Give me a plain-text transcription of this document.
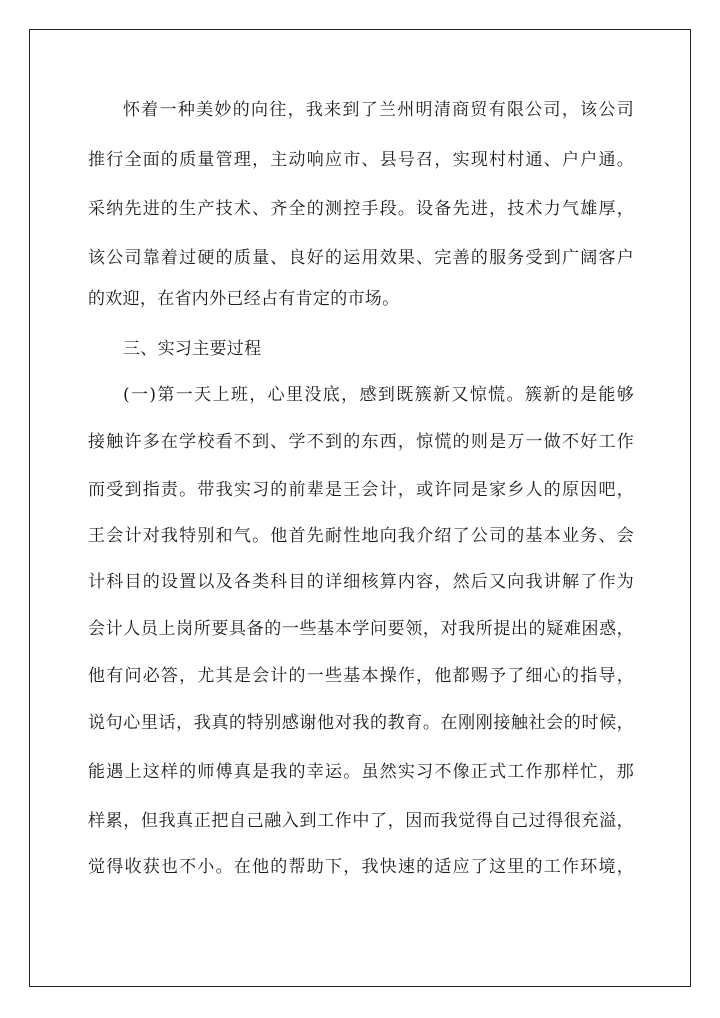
怀着一种美妙的向往，我来到了兰州明清商贸有限公司，该公司
推行全面的质量管理，主动响应市、县号召，实现村村通、户户通。
采纳先进的生产技术、齐全的测控手段。设备先进，技术力气雄厚，
该公司靠着过硬的质量、良好的运用效果、完善的服务受到广阔客户
的欢迎，在省内外已经占有肯定的市场。
三、实习主要过程
(一)第一天上班，心里没底，感到既簇新又惊慌。簇新的是能够
接触许多在学校看不到、学不到的东西，惊慌的则是万一做不好工作
而受到指责。带我实习的前辈是王会计，或许同是家乡人的原因吧，
王会计对我特别和气。他首先耐性地向我介绍了公司的基本业务、会
计科目的设置以及各类科目的详细核算内容，然后又向我讲解了作为
会计人员上岗所要具备的一些基本学问要领，对我所提出的疑难困惑，
他有问必答，尤其是会计的一些基本操作，他都赐予了细心的指导，
说句心里话，我真的特别感谢他对我的教育。在刚刚接触社会的时候，
能遇上这样的师傅真是我的幸运。虽然实习不像正式工作那样忙，那
样累，但我真正把自己融入到工作中了，因而我觉得自己过得很充溢，
觉得收获也不小。在他的帮助下，我快速的适应了这里的工作环境，
